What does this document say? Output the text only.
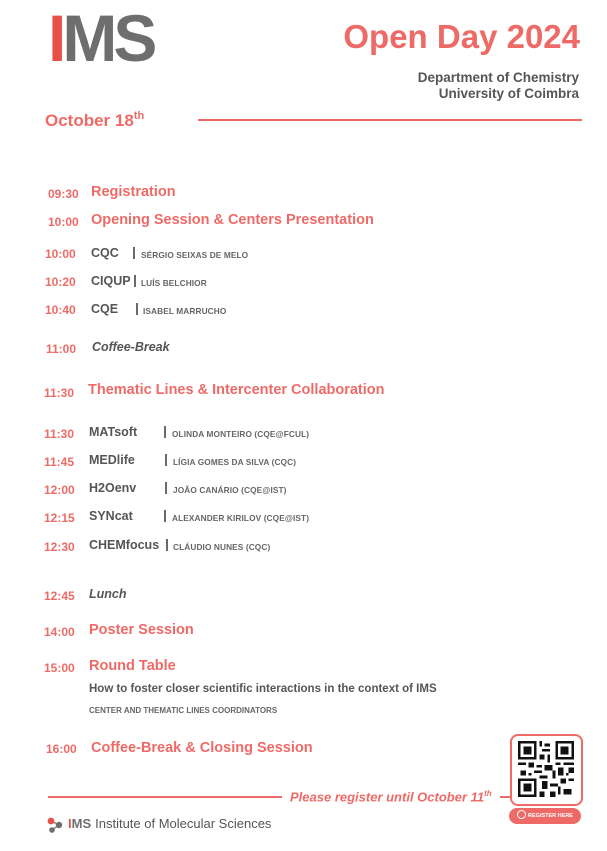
IMS	Open Day 2024
Department of Chemistry
University of Coimbra
October 18th
09:30 Registration
10:00 Opening Session & Centers Presentation
10:00 CQC	SÉRGIO SEIXAS DE MELO
10:20 CIQUP LUÍS BELCHIOR
10:40 CQE	ISABEL MARRUCHO
11:00 Coffee-Break
11:30 Thematic Lines & Intercenter Collaboration
11:30 MATsoft	OLINDA MONTEIRO (CQE@FCUL)
11:45 MEDlife	LÍGIA GOMES DA SILVA (CQC)
12:00 H2Oenv	JOÃO CANÁRIO (CQE@IST)
12:15 SYNcat	ALEXANDER KIRILOV (CQE@IST)
12:30 CHEMfocus CLÁUDIO NUNES (CQC)
12:45 Lunch
14:00 Poster Session
15:00 Round Table
How to foster closer scientific interactions in the context of IMS
CENTER AND THEMATIC LINES COORDINATORS
16:00 Coffee-Break & Closing Session
REGISTER HERE
Please register until October 11th
IMS Institute of Molecular Sciences
